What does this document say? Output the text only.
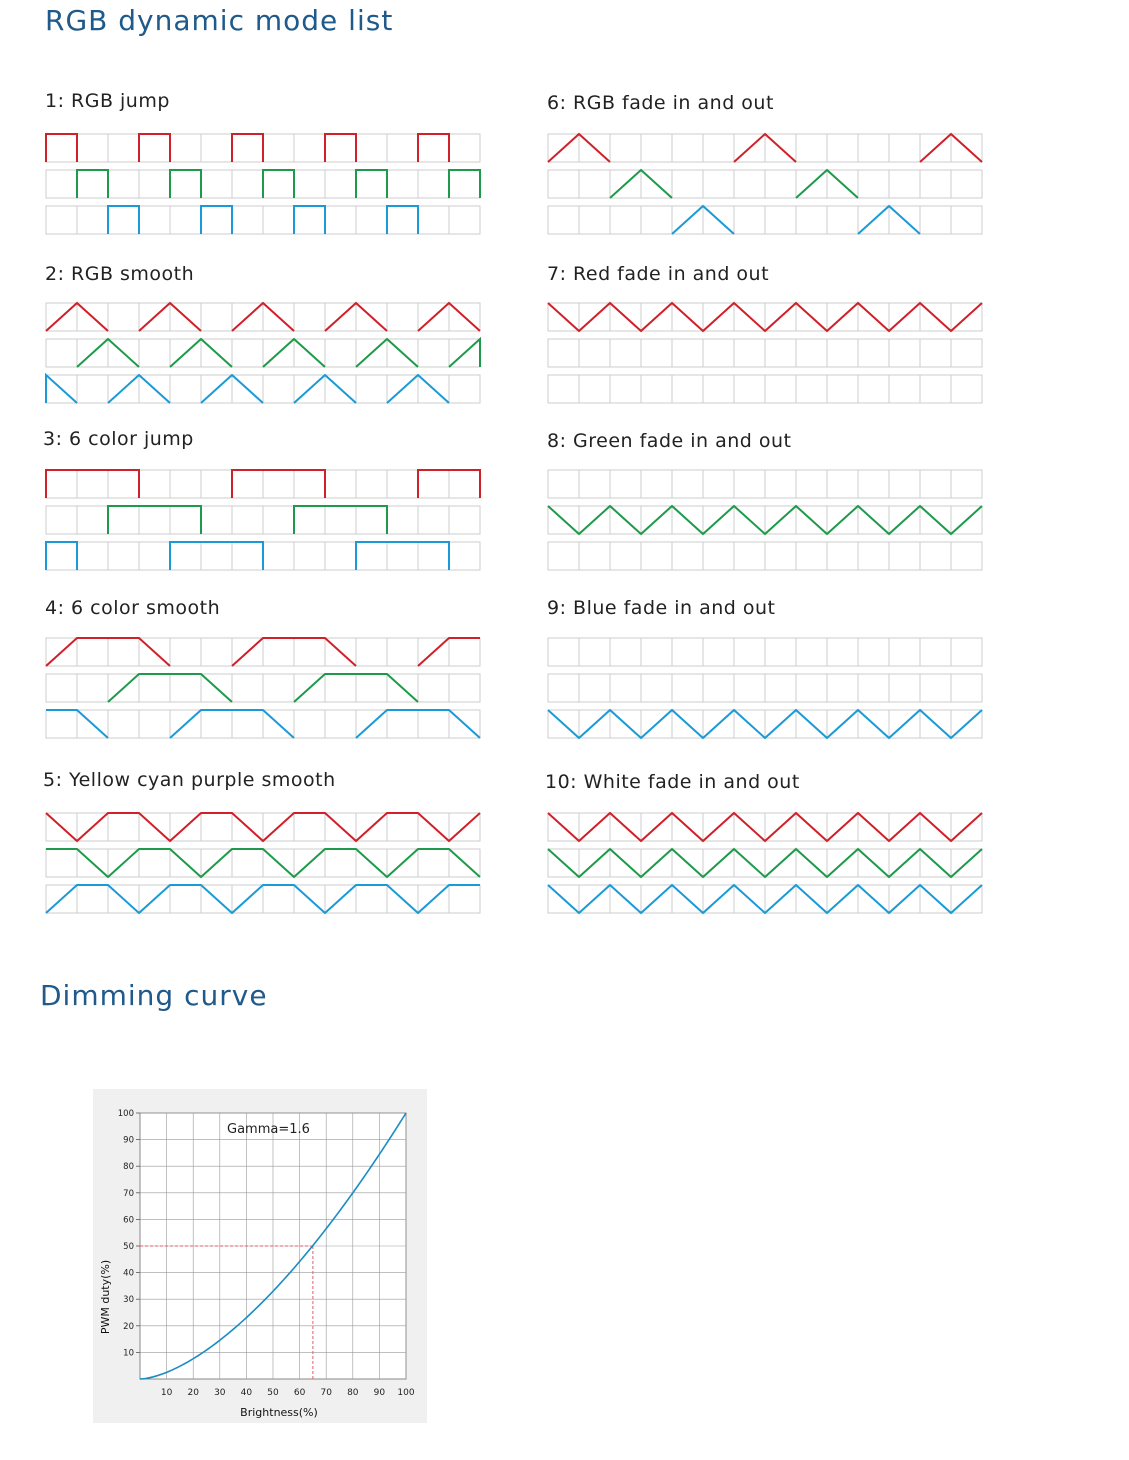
RGB dynamic mode list
1: RGB jump	6: RGB fade in and out
2: RGB smooth	7: Red fade in and out
3: 6 color jump	8: Green fade in and out
4: 6 color smooth	9: Blue fade in and out
5: Yellow cyan purple smooth	10: White fade in and out
Dimming curve
10 20 30 40 50 60 70 80 90 100
10
20
30
40
50
60
70
80
90
100
Gamma=1.6
Brightness(%)
PWM duty(%)
